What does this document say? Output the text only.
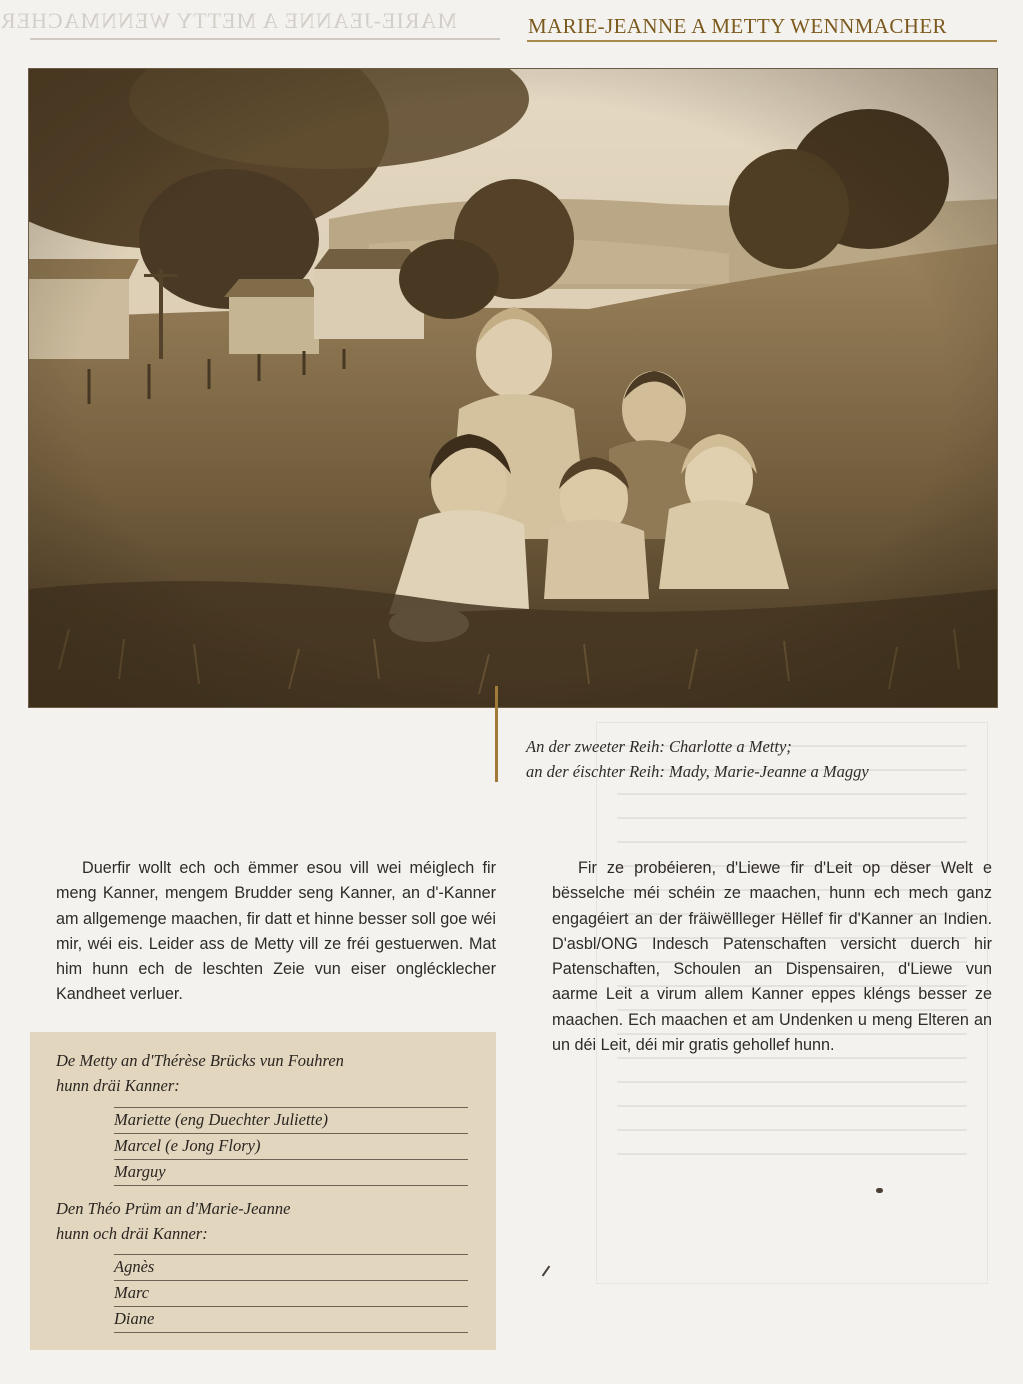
MARIE-JEANNE A METTY WENNMACHER	MARIE-JEANNE A METTY WENNMACHER
An der zweeter Reih: Charlotte a Metty;
an der éischter Reih: Mady, Marie-Jeanne a Maggy

Duerfir wollt ech och ëmmer esou vill wei méiglech fir meng Kanner, mengem Brudder seng Kanner, an d'-Kanner am allgemenge maachen, fir datt et hinne besser soll goe wéi mir, wéi eis. Leider ass de Metty vill ze fréi gestuerwen. Mat him hunn ech de leschten Zeie vun eiser onglécklecher Kandheet verluer.

Fir ze probéieren, d'Liewe fir d'Leit op dëser Welt e bësselche méi schéin ze maachen, hunn ech mech ganz engagéiert an der fräiwëllleger Hëllef fir d'Kanner an Indien. D'asbl/ONG Indesch Patenschaften versicht duerch hir Patenschaften, Schoulen an Dispensairen, d'Liewe vun aarme Leit a virum allem Kanner eppes kléngs besser ze maachen. Ech maachen et am Undenken u meng Elteren an un déi Leit, déi mir gratis gehollef hunn.

De Metty an d'Thérèse Brücks vun Fouhren
hunn dräi Kanner:
Mariette (eng Duechter Juliette)
Marcel (e Jong Flory)
Marguy
Den Théo Prüm an d'Marie-Jeanne
hunn och dräi Kanner:
Agnès
Marc
Diane
